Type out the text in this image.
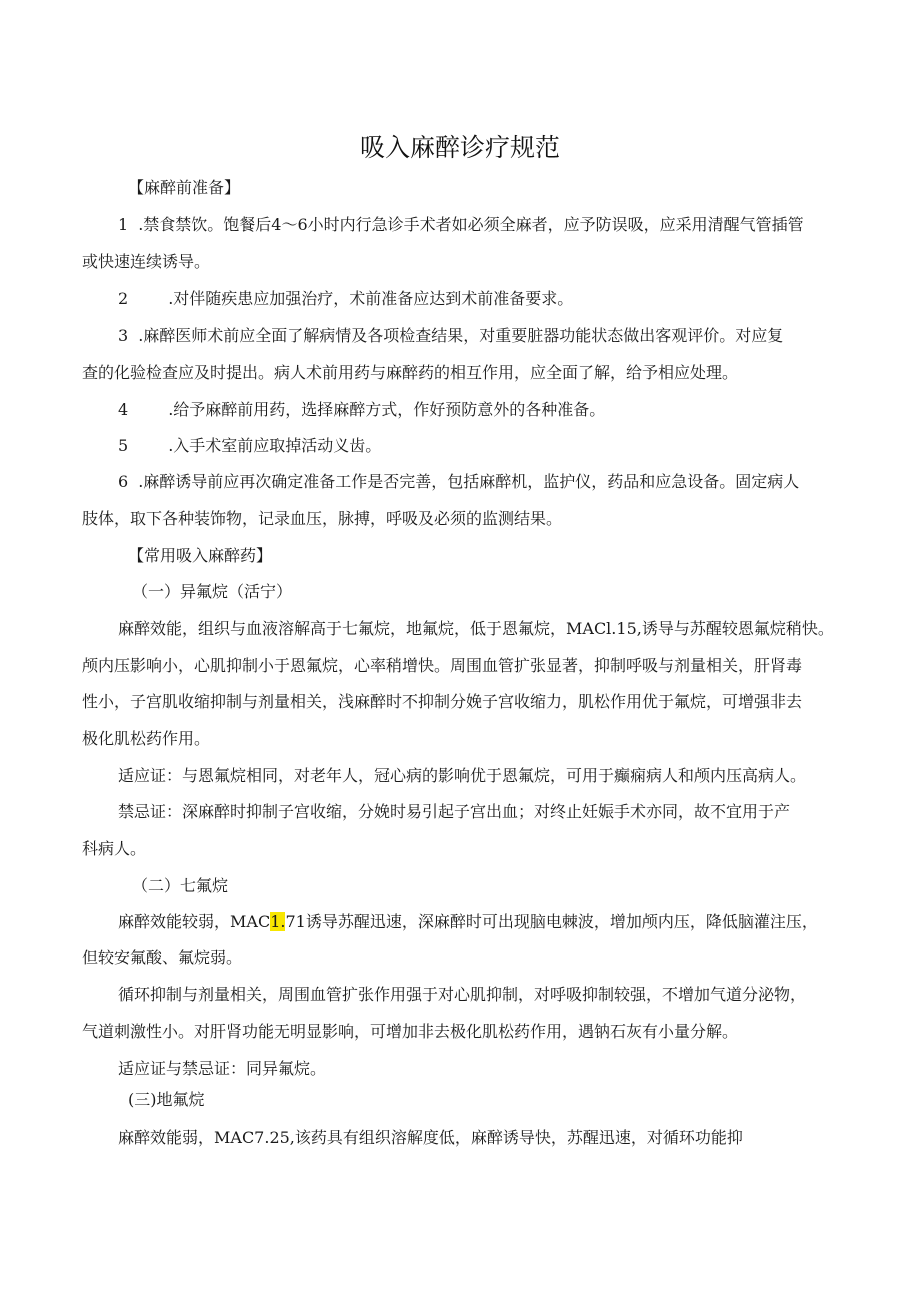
吸入麻醉诊疗规范
【麻醉前准备】
1 .禁食禁饮。饱餐后4～6小时内行急诊手术者如必须全麻者，应予防误吸，应采用清醒气管插管
或快速连续诱导。
2	.对伴随疾患应加强治疗，术前准备应达到术前准备要求。
3 .麻醉医师术前应全面了解病情及各项检查结果，对重要脏器功能状态做出客观评价。对应复
查的化验检查应及时提出。病人术前用药与麻醉药的相互作用，应全面了解，给予相应处理。
4	.给予麻醉前用药，选择麻醉方式，作好预防意外的各种准备。
5	.入手术室前应取掉活动义齿。
6 .麻醉诱导前应再次确定准备工作是否完善，包括麻醉机，监护仪，药品和应急设备。固定病人
肢体，取下各种装饰物，记录血压，脉搏，呼吸及必须的监测结果。
【常用吸入麻醉药】
（一）异氟烷（活宁）
麻醉效能，组织与血液溶解高于七氟烷，地氟烷，低于恩氟烷，MACl.15,诱导与苏醒较恩氟烷稍快。
颅内压影响小，心肌抑制小于恩氟烷，心率稍增快。周围血管扩张显著，抑制呼吸与剂量相关，肝肾毒
性小，子宫肌收缩抑制与剂量相关，浅麻醉时不抑制分娩子宫收缩力，肌松作用优于氟烷，可增强非去
极化肌松药作用。
适应证：与恩氟烷相同，对老年人，冠心病的影响优于恩氟烷，可用于癫痫病人和颅内压高病人。
禁忌证：深麻醉时抑制子宫收缩，分娩时易引起子宫出血；对终止妊娠手术亦同，故不宜用于产
科病人。
（二）七氟烷
麻醉效能较弱，MAC1.71诱导苏醒迅速，深麻醉时可出现脑电棘波，增加颅内压，降低脑灌注压，
但较安氟酸、氟烷弱。
循环抑制与剂量相关，周围血管扩张作用强于对心肌抑制，对呼吸抑制较强，不增加气道分泌物，
气道刺激性小。对肝肾功能无明显影响，可增加非去极化肌松药作用，遇钠石灰有小量分解。
适应证与禁忌证：同异氟烷。
(三)地氟烷
麻醉效能弱，MAC7.25,该药具有组织溶解度低，麻醉诱导快，苏醒迅速，对循环功能抑
